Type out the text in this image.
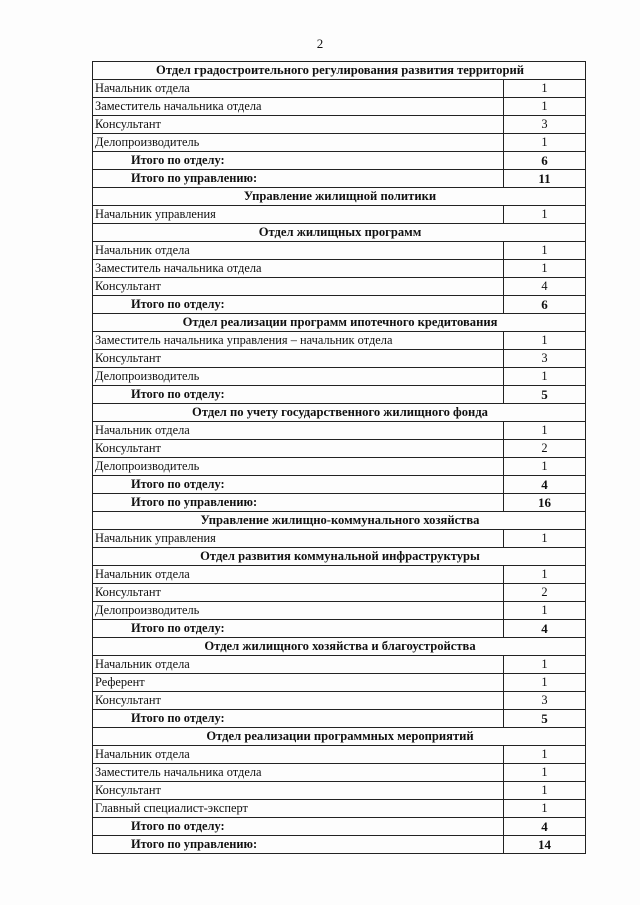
2
Отдел градостроительного регулирования развития территорий	
Начальник отдела	1
Заместитель начальника отдела	1
Консультант	3
Делопроизводитель	1
Итого по отделу:	6
Итого по управлению:	11
Управление жилищной политики	
Начальник управления	1
Отдел жилищных программ	
Начальник отдела	1
Заместитель начальника отдела	1
Консультант	4
Итого по отделу:	6
Отдел реализации программ ипотечного кредитования	
Заместитель начальника управления – начальник отдела	1
Консультант	3
Делопроизводитель	1
Итого по отделу:	5
Отдел по учету государственного жилищного фонда	
Начальник отдела	1
Консультант	2
Делопроизводитель	1
Итого по отделу:	4
Итого по управлению:	16
Управление жилищно-коммунального хозяйства	
Начальник управления	1
Отдел развития коммунальной инфраструктуры	
Начальник отдела	1
Консультант	2
Делопроизводитель	1
Итого по отделу:	4
Отдел жилищного хозяйства и благоустройства	
Начальник отдела	1
Референт	1
Консультант	3
Итого по отделу:	5
Отдел реализации программных мероприятий	
Начальник отдела	1
Заместитель начальника отдела	1
Консультант	1
Главный специалист-эксперт	1
Итого по отделу:	4
Итого по управлению:	14
